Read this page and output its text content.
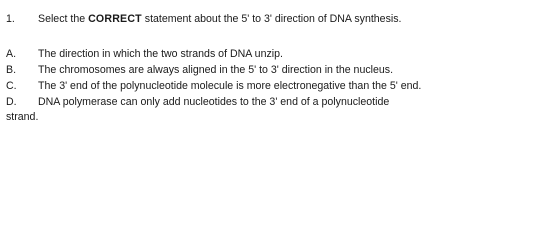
1. Select the CORRECT statement about the 5' to 3' direction of DNA synthesis.
A. The direction in which the two strands of DNA unzip.
B. The chromosomes are always aligned in the 5' to 3' direction in the nucleus.
C. The 3' end of the polynucleotide molecule is more electronegative than the 5' end.
D. DNA polymerase can only add nucleotides to the 3' end of a polynucleotide
strand.
